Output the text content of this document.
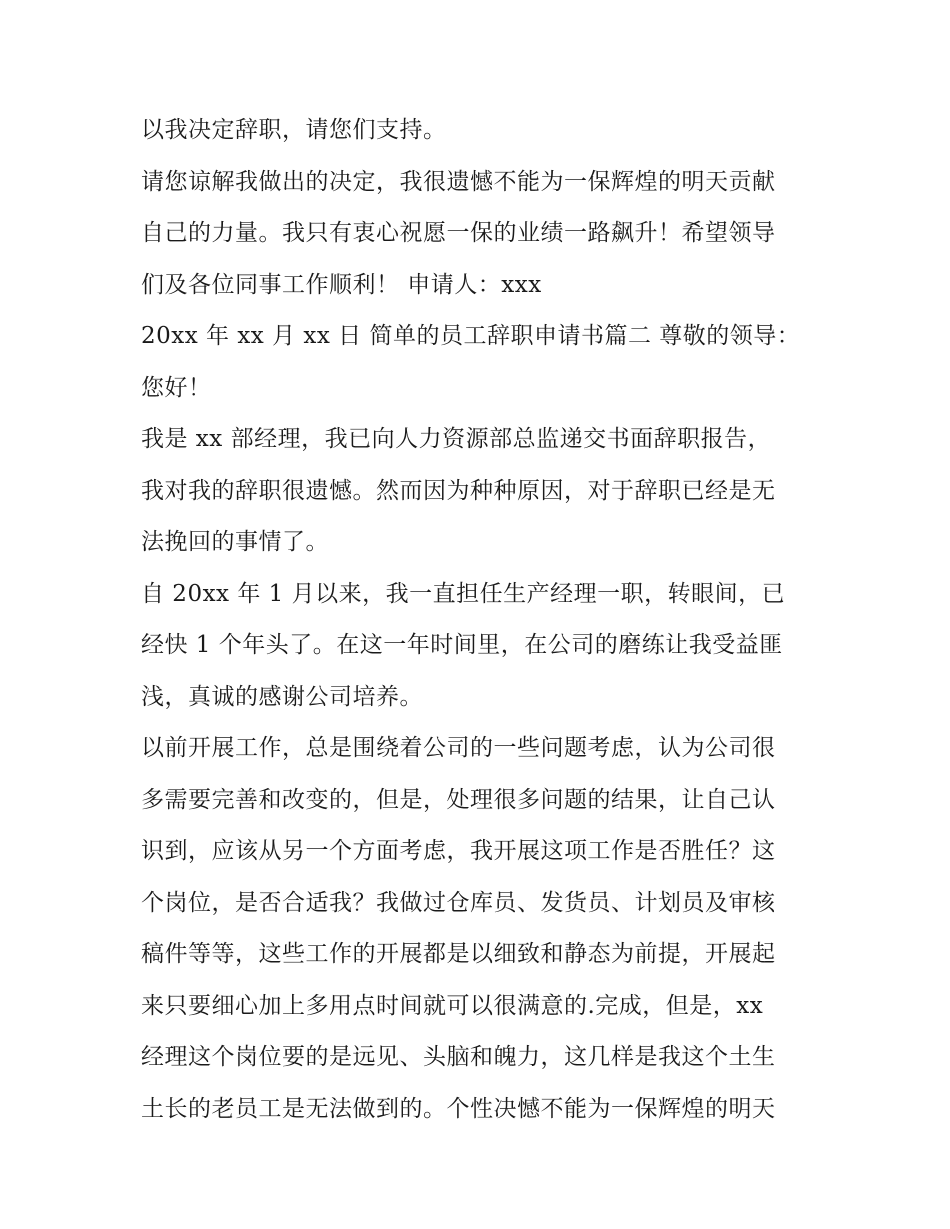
以我决定辞职，请您们支持。
请您谅解我做出的决定，我很遗憾不能为一保辉煌的明天贡献
自己的力量。我只有衷心祝愿一保的业绩一路飙升！希望领导
们及各位同事工作顺利！ 申请人：xxx
20xx 年 xx 月 xx 日 简单的员工辞职申请书篇二 尊敬的领导：
您好！
我是 xx 部经理，我已向人力资源部总监递交书面辞职报告，
我对我的辞职很遗憾。然而因为种种原因，对于辞职已经是无
法挽回的事情了。
自 20xx 年 1 月以来，我一直担任生产经理一职，转眼间，已
经快 1 个年头了。在这一年时间里，在公司的磨练让我受益匪
浅，真诚的感谢公司培养。
以前开展工作，总是围绕着公司的一些问题考虑，认为公司很
多需要完善和改变的，但是，处理很多问题的结果，让自己认
识到，应该从另一个方面考虑，我开展这项工作是否胜任？这
个岗位，是否合适我？我做过仓库员、发货员、计划员及审核
稿件等等，这些工作的开展都是以细致和静态为前提，开展起
来只要细心加上多用点时间就可以很满意的.完成，但是，xx
经理这个岗位要的是远见、头脑和魄力，这几样是我这个土生
土长的老员工是无法做到的。个性决憾不能为一保辉煌的明天
